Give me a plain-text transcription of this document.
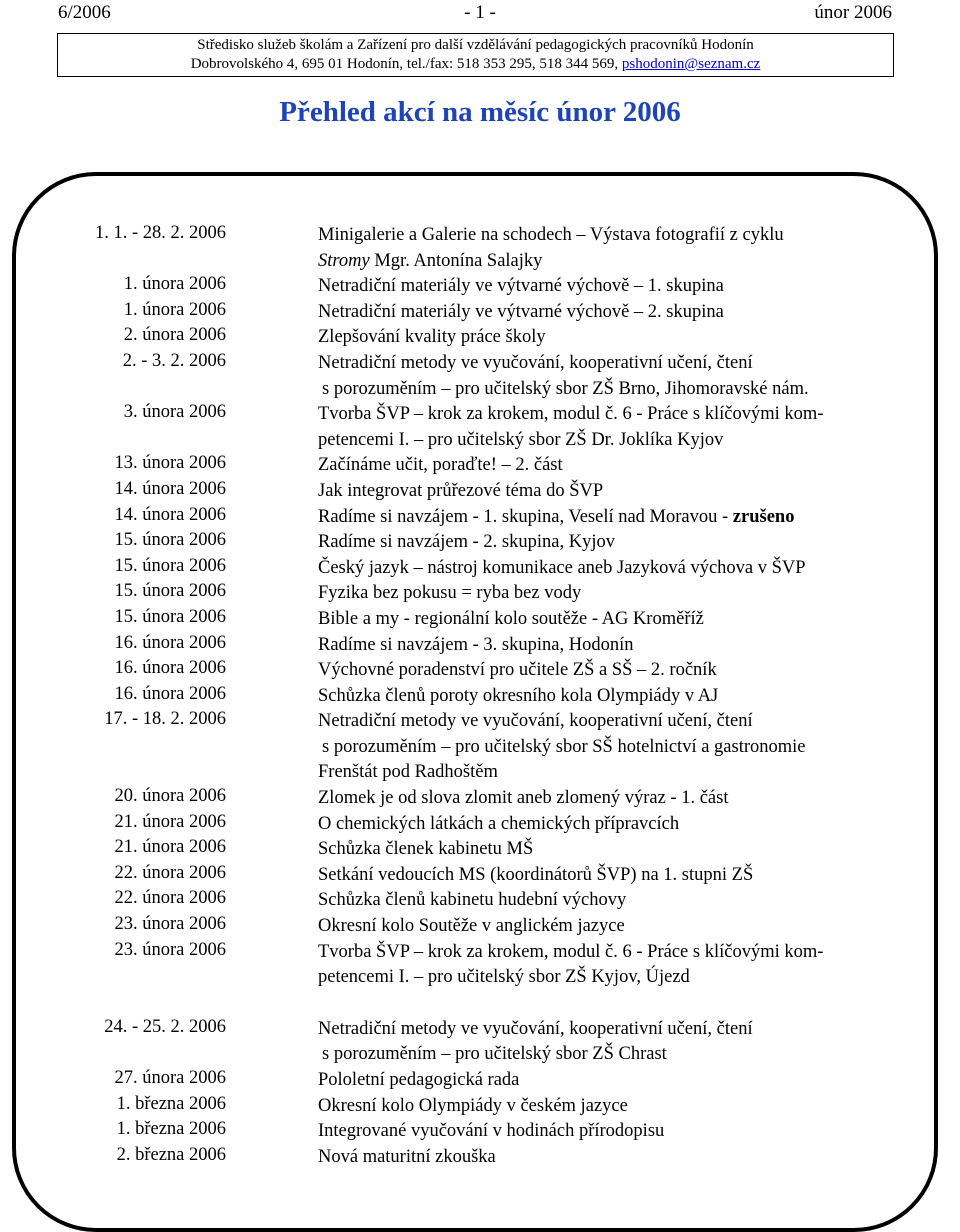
6/2006	- 1 -	únor 2006
Středisko služeb školám a Zařízení pro další vzdělávání pedagogických pracovníků Hodonín
Dobrovolského 4, 695 01 Hodonín, tel./fax: 518 353 295, 518 344 569, pshodonin@seznam.cz
Přehled akcí na měsíc únor 2006
1. 1. - 28. 2. 2006	Minigalerie a Galerie na schodech – Výstava fotografií z cyklu
Stromy Mgr. Antonína Salajky
1. února 2006	Netradiční materiály ve výtvarné výchově – 1. skupina
1. února 2006	Netradiční materiály ve výtvarné výchově – 2. skupina
2. února 2006	Zlepšování kvality práce školy
2. - 3. 2. 2006	Netradiční metody ve vyučování, kooperativní učení, čtení
s porozuměním – pro učitelský sbor ZŠ Brno, Jihomoravské nám.
3. února 2006	Tvorba ŠVP – krok za krokem, modul č. 6 - Práce s klíčovými kom-
petencemi I. – pro učitelský sbor ZŠ Dr. Joklíka Kyjov
13. února 2006	Začínáme učit, poraďte! – 2. část
14. února 2006	Jak integrovat průřezové téma do ŠVP
14. února 2006	Radíme si navzájem - 1. skupina, Veselí nad Moravou - zrušeno
15. února 2006	Radíme si navzájem - 2. skupina, Kyjov
15. února 2006	Český jazyk – nástroj komunikace aneb Jazyková výchova v ŠVP
15. února 2006	Fyzika bez pokusu = ryba bez vody
15. února 2006	Bible a my - regionální kolo soutěže - AG Kroměříž
16. února 2006	Radíme si navzájem - 3. skupina, Hodonín
16. února 2006	Výchovné poradenství pro učitele ZŠ a SŠ – 2. ročník
16. února 2006	Schůzka členů poroty okresního kola Olympiády v AJ
17. - 18. 2. 2006	Netradiční metody ve vyučování, kooperativní učení, čtení
s porozuměním – pro učitelský sbor SŠ hotelnictví a gastronomie
Frenštát pod Radhoštěm
20. února 2006	Zlomek je od slova zlomit aneb zlomený výraz - 1. část
21. února 2006	O chemických látkách a chemických přípravcích
21. února 2006	Schůzka členek kabinetu MŠ
22. února 2006	Setkání vedoucích MS (koordinátorů ŠVP) na 1. stupni ZŠ
22. února 2006	Schůzka členů kabinetu hudební výchovy
23. února 2006	Okresní kolo Soutěže v anglickém jazyce
23. února 2006	Tvorba ŠVP – krok za krokem, modul č. 6 - Práce s klíčovými kom-
petencemi I. – pro učitelský sbor ZŠ Kyjov, Újezd
24. - 25. 2. 2006	Netradiční metody ve vyučování, kooperativní učení, čtení
s porozuměním – pro učitelský sbor ZŠ Chrast
27. února 2006	Pololetní pedagogická rada
1. března 2006	Okresní kolo Olympiády v českém jazyce
1. března 2006	Integrované vyučování v hodinách přírodopisu
2. března 2006	Nová maturitní zkouška
